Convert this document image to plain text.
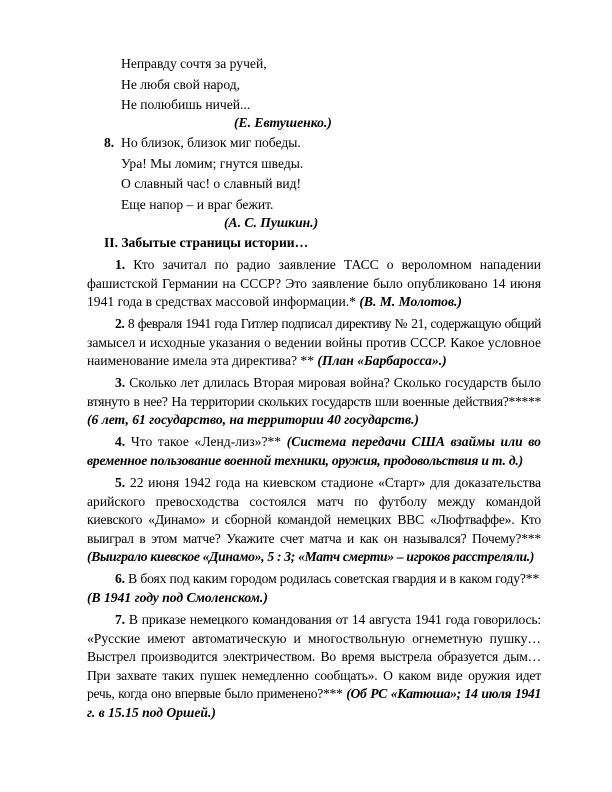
Неправду сочтя за ручей,
Не любя свой народ,
Не полюбишь ничей...
(Е. Евтушенко.)
8. Но близок, близок миг победы.
Ура! Мы ломим; гнутся шведы.
О славный час! о славный вид!
Еще напор – и враг бежит.
(А. С. Пушкин.)
II. Забытые страницы истории…
1. Кто зачитал по радио заявление ТАСС о вероломном нападении
фашистской Германии на СССР? Это заявление было опубликовано 14 июня
1941 года в средствах массовой информации.* (В. М. Молотов.)
2. 8 февраля 1941 года Гитлер подписал директиву № 21, содержащую общий
замысел и исходные указания о ведении войны против СССР. Какое условное
наименование имела эта директива? ** (План «Барбаросса».)
3. Сколько лет длилась Вторая мировая война? Сколько государств было
втянуто в нее? На территории скольких государств шли военные действия?*****
(6 лет, 61 государство, на территории 40 государств.)
4. Что такое «Ленд-лиз»?** (Система передачи США взаймы или во
временное пользование военной техники, оружия, продовольствия и т. д.)
5. 22 июня 1942 года на киевском стадионе «Старт» для доказательства
арийского превосходства состоялся матч по футболу между командой
киевского «Динамо» и сборной командой немецких ВВС «Люфтваффе». Кто
выиграл в этом матче? Укажите счет матча и как он назывался? Почему?***
(Выиграло киевское «Динамо», 5 : 3; «Матч смерти» – игроков расстреляли.)
6. В боях под каким городом родилась советская гвардия и в каком году?**
(В 1941 году под Смоленском.)
7. В приказе немецкого командования от 14 августа 1941 года говорилось:
«Русские имеют автоматическую и многоствольную огнеметную пушку…
Выстрел производится электричеством. Во время выстрела образуется дым…
При захвате таких пушек немедленно сообщать». О каком виде оружия идет
речь, когда оно впервые было применено?*** (Об РС «Катюша»; 14 июля 1941
г. в 15.15 под Оршей.)
